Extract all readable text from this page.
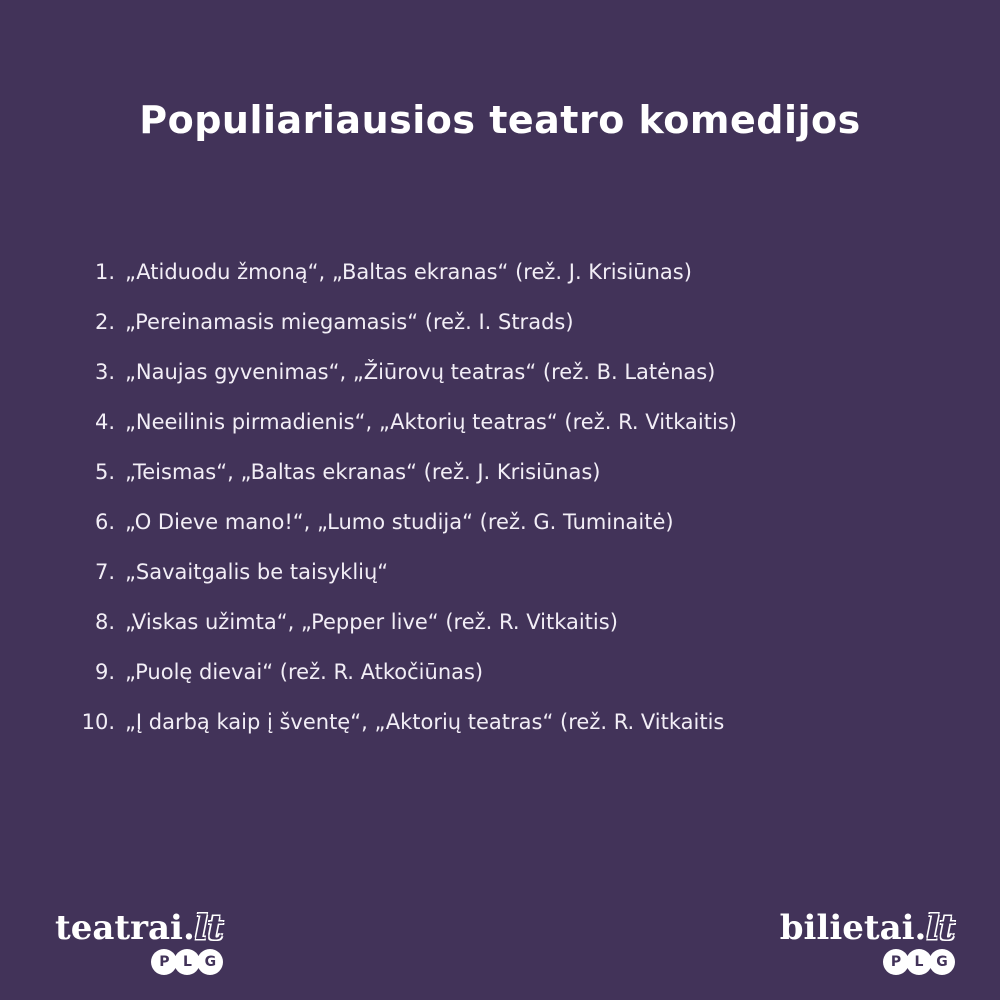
Populiariausios teatro komedijos
1. „Atiduodu žmoną“, „Baltas ekranas“ (rež. J. Krisiūnas)
2. „Pereinamasis miegamasis“ (rež. I. Strads)
3. „Naujas gyvenimas“, „Žiūrovų teatras“ (rež. B. Latėnas)
4. „Neeilinis pirmadienis“, „Aktorių teatras“ (rež. R. Vitkaitis)
5. „Teismas“, „Baltas ekranas“ (rež. J. Krisiūnas)
6. „O Dieve mano!“, „Lumo studija“ (rež. G. Tuminaitė)
7. „Savaitgalis be taisyklių“
8. „Viskas užimta“, „Pepper live“ (rež. R. Vitkaitis)
9. „Puolę dievai“ (rež. R. Atkočiūnas)
10. „Į darbą kaip į šventę“, „Aktorių teatras“ (rež. R. Vitkaitis
teatrai.lt
P L G
bilietai.lt
P L G
